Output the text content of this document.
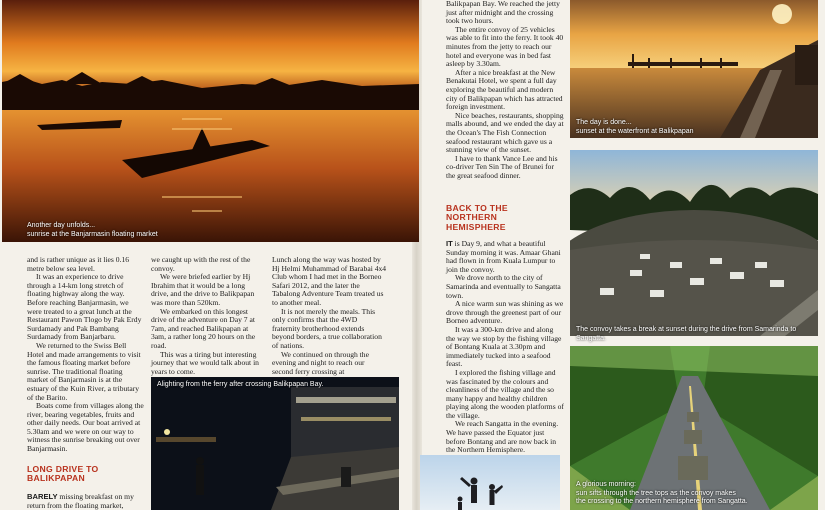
Another day unfolds...
sunrise at the Banjarmasin floating market

and is rather unique as it lies 0.16 metre below sea level.

It was an experience to drive through a 14-km long stretch of floating highway along the way. Before reaching Banjarmasin, we were treated to a great lunch at the Restaurant Pawon Tlogo by Pak Erdy Surdamady and Pak Bambang Surdamady from Banjarbaru.

We returned to the Swiss Bell Hotel and made arrangements to visit the famous floating market before sunrise. The traditional floating market of Banjarmasin is at the estuary of the Kuin River, a tributary of the Barito.

Boats come from villages along the river, bearing vegetables, fruits and other daily needs. Our boat arrived at 5.30am and we were on our way to witness the sunrise breaking out over Banjarmasin.

LONG DRIVE TO
BALIKPAPAN

BARELY missing breakfast on my return from the floating market,

we caught up with the rest of the convoy.

We were briefed earlier by Hj Ibrahim that it would be a long drive, and the drive to Balikpapan was more than 520km.

We embarked on this longest drive of the adventure on Day 7 at 7am, and reached Balikpapan at 3am, a rather long 20 hours on the road.

This was a tiring but interesting journey that we would talk about in years to come.

Lunch along the way was hosted by Hj Helmi Muhammad of Barabai 4x4 Club whom I had met in the Borneo Safari 2012, and the later the Tabalong Adventure Team treated us to another meal.

It is not merely the meals. This only confirms that the 4WD fraternity brotherhood extends beyond borders, a true collaboration of nations.

We continued on through the evening and night to reach our second ferry crossing at

Alighting from the ferry after crossing Balikpapan Bay.

Balikpapan Bay. We reached the jetty just after midnight and the crossing took two hours.

The entire convoy of 25 vehicles was able to fit into the ferry. It took 40 minutes from the jetty to reach our hotel and everyone was in bed fast asleep by 3.30am.

After a nice breakfast at the New Benakutai Hotel, we spent a full day exploring the beautiful and modern city of Balikpapan which has attracted foreign investment.

Nice beaches, restaurants, shopping malls abound, and we ended the day at the Ocean's The Fish Connection seafood restaurant which gave us a stunning view of the sunset.

I have to thank Vance Lee and his co-driver Ten Sin The of Brunei for the great seafood dinner.

BACK TO THE
NORTHERN
HEMISPHERE

IT is Day 9, and what a beautiful Sunday morning it was. Amaar Ghani had flown in from Kuala Lumpur to join the convoy.

We drove north to the city of Samarinda and eventually to Sangatta town.

A nice warm sun was shining as we drove through the greenest part of our Borneo adventure.

It was a 300-km drive and along the way we stop by the fishing village of Bontang Kuala at 3.30pm and immediately tucked into a seafood feast.

I explored the fishing village and was fascinated by the colours and cleanliness of the village and the so many happy and healthy children playing along the wooden platforms of the village.

We reach Sangatta in the evening. We have passed the Equator just before Bontang and are now back in the Northern Hemisphere.

The day is done...
sunset at the waterfront at Balikpapan
The convoy takes a break at sunset during the drive from Samarinda to Sangatta.
A glorious morning:
sun sifts through the tree tops as the convoy makes
the crossing to the northern hemisphere from Sangatta.
